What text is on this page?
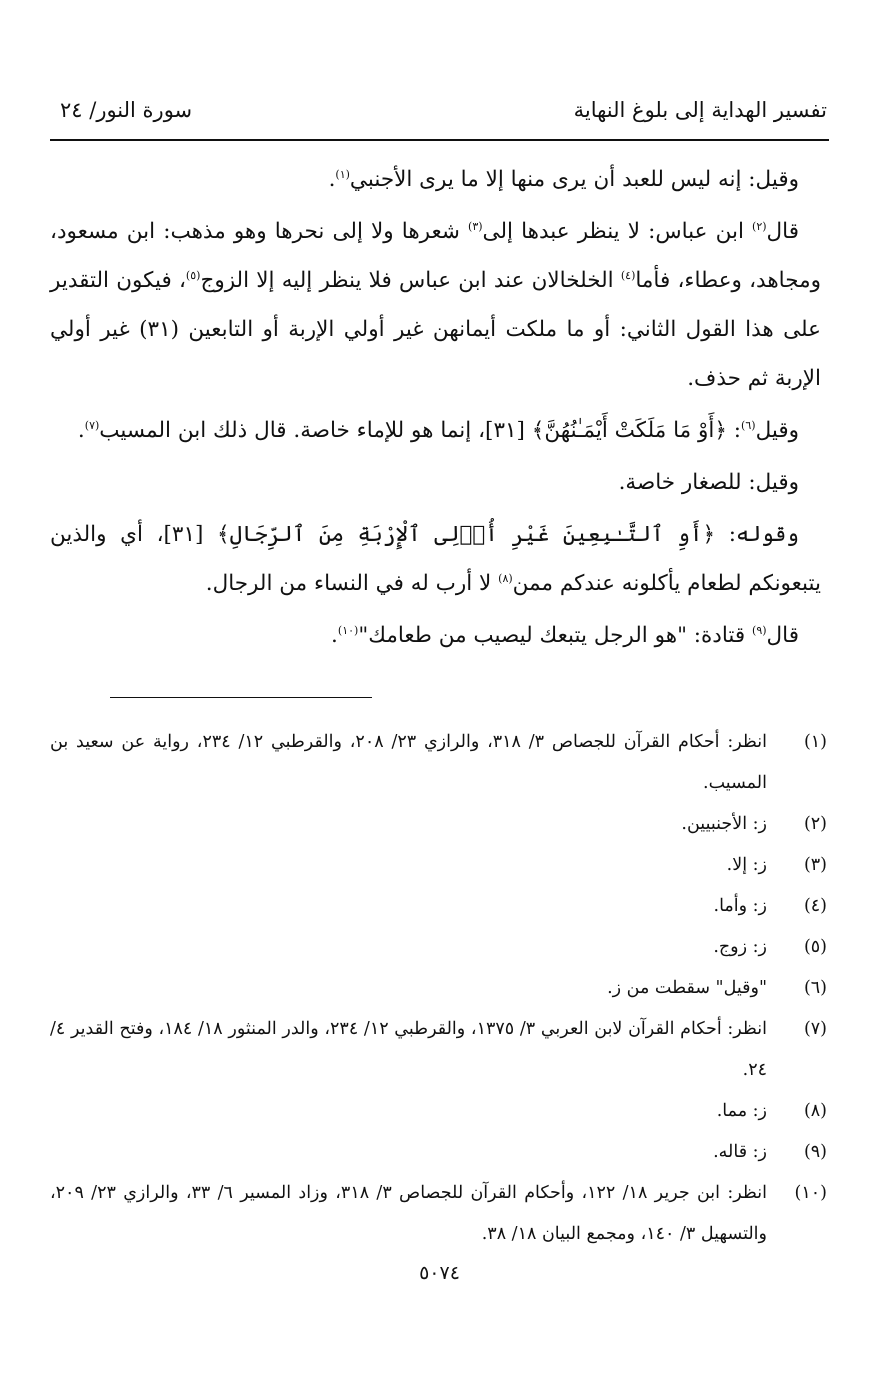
تفسير الهداية إلى بلوغ النهاية
سورة النور/ ٢٤

وقيل: إنه ليس للعبد أن يرى منها إلا ما يرى الأجنبي$^{(١)}$.

قال$^{(٢)}$ ابن عباس: لا ينظر عبدها إلى$^{(٣)}$ شعرها ولا إلى نحرها وهو مذهب: ابن مسعود، ومجاهد، وعطاء، فأما$^{(٤)}$ الخلخالان عند ابن عباس فلا ينظر إليه إلا الزوج$^{(٥)}$، فيكون التقدير على هذا القول الثاني: أو ما ملكت أيمانهن غير أولي الإربة أو التابعين (٣١) غير أولي الإربة ثم حذف.

وقيل$^{(٦)}$: ﴿أَوْ مَا مَلَكَتْ أَيْمَـٰنُهُنَّ﴾ [٣١]، إنما هو للإماء خاصة. قال ذلك ابن المسيب$^{(٧)}$.

وقيل: للصغار خاصة.

وقوله: ﴿أَوِ ٱلتَّـٰبِعِينَ غَيْرِ أُو۟لِى ٱلْإِرْبَةِ مِنَ ٱلرِّجَالِ﴾ [٣١]، أي والذين يتبعونكم لطعام يأكلونه عندكم ممن$^{(٨)}$ لا أرب له في النساء من الرجال.

قال$^{(٩)}$ قتادة: "هو الرجل يتبعك ليصيب من طعامك"$^{(١٠)}$.

(١)
انظر: أحكام القرآن للجصاص ٣/ ٣١٨، والرازي ٢٣/ ٢٠٨، والقرطبي ١٢/ ٢٣٤، رواية عن سعيد بن المسيب.
(٢)
ز: الأجنبيين.
(٣)
ز: إلا.
(٤)
ز: وأما.
(٥)
ز: زوج.
(٦)
"وقيل" سقطت من ز.
(٧)
انظر: أحكام القرآن لابن العربي ٣/ ١٣٧٥، والقرطبي ١٢/ ٢٣٤، والدر المنثور ١٨/ ١٨٤، وفتح القدير ٤/ ٢٤.
(٨)
ز: مما.
(٩)
ز: قاله.
(١٠)
انظر: ابن جرير ١٨/ ١٢٢، وأحكام القرآن للجصاص ٣/ ٣١٨، وزاد المسير ٦/ ٣٣، والرازي ٢٣/ ٢٠٩، والتسهيل ٣/ ١٤٠، ومجمع البيان ١٨/ ٣٨.
٥٠٧٤
